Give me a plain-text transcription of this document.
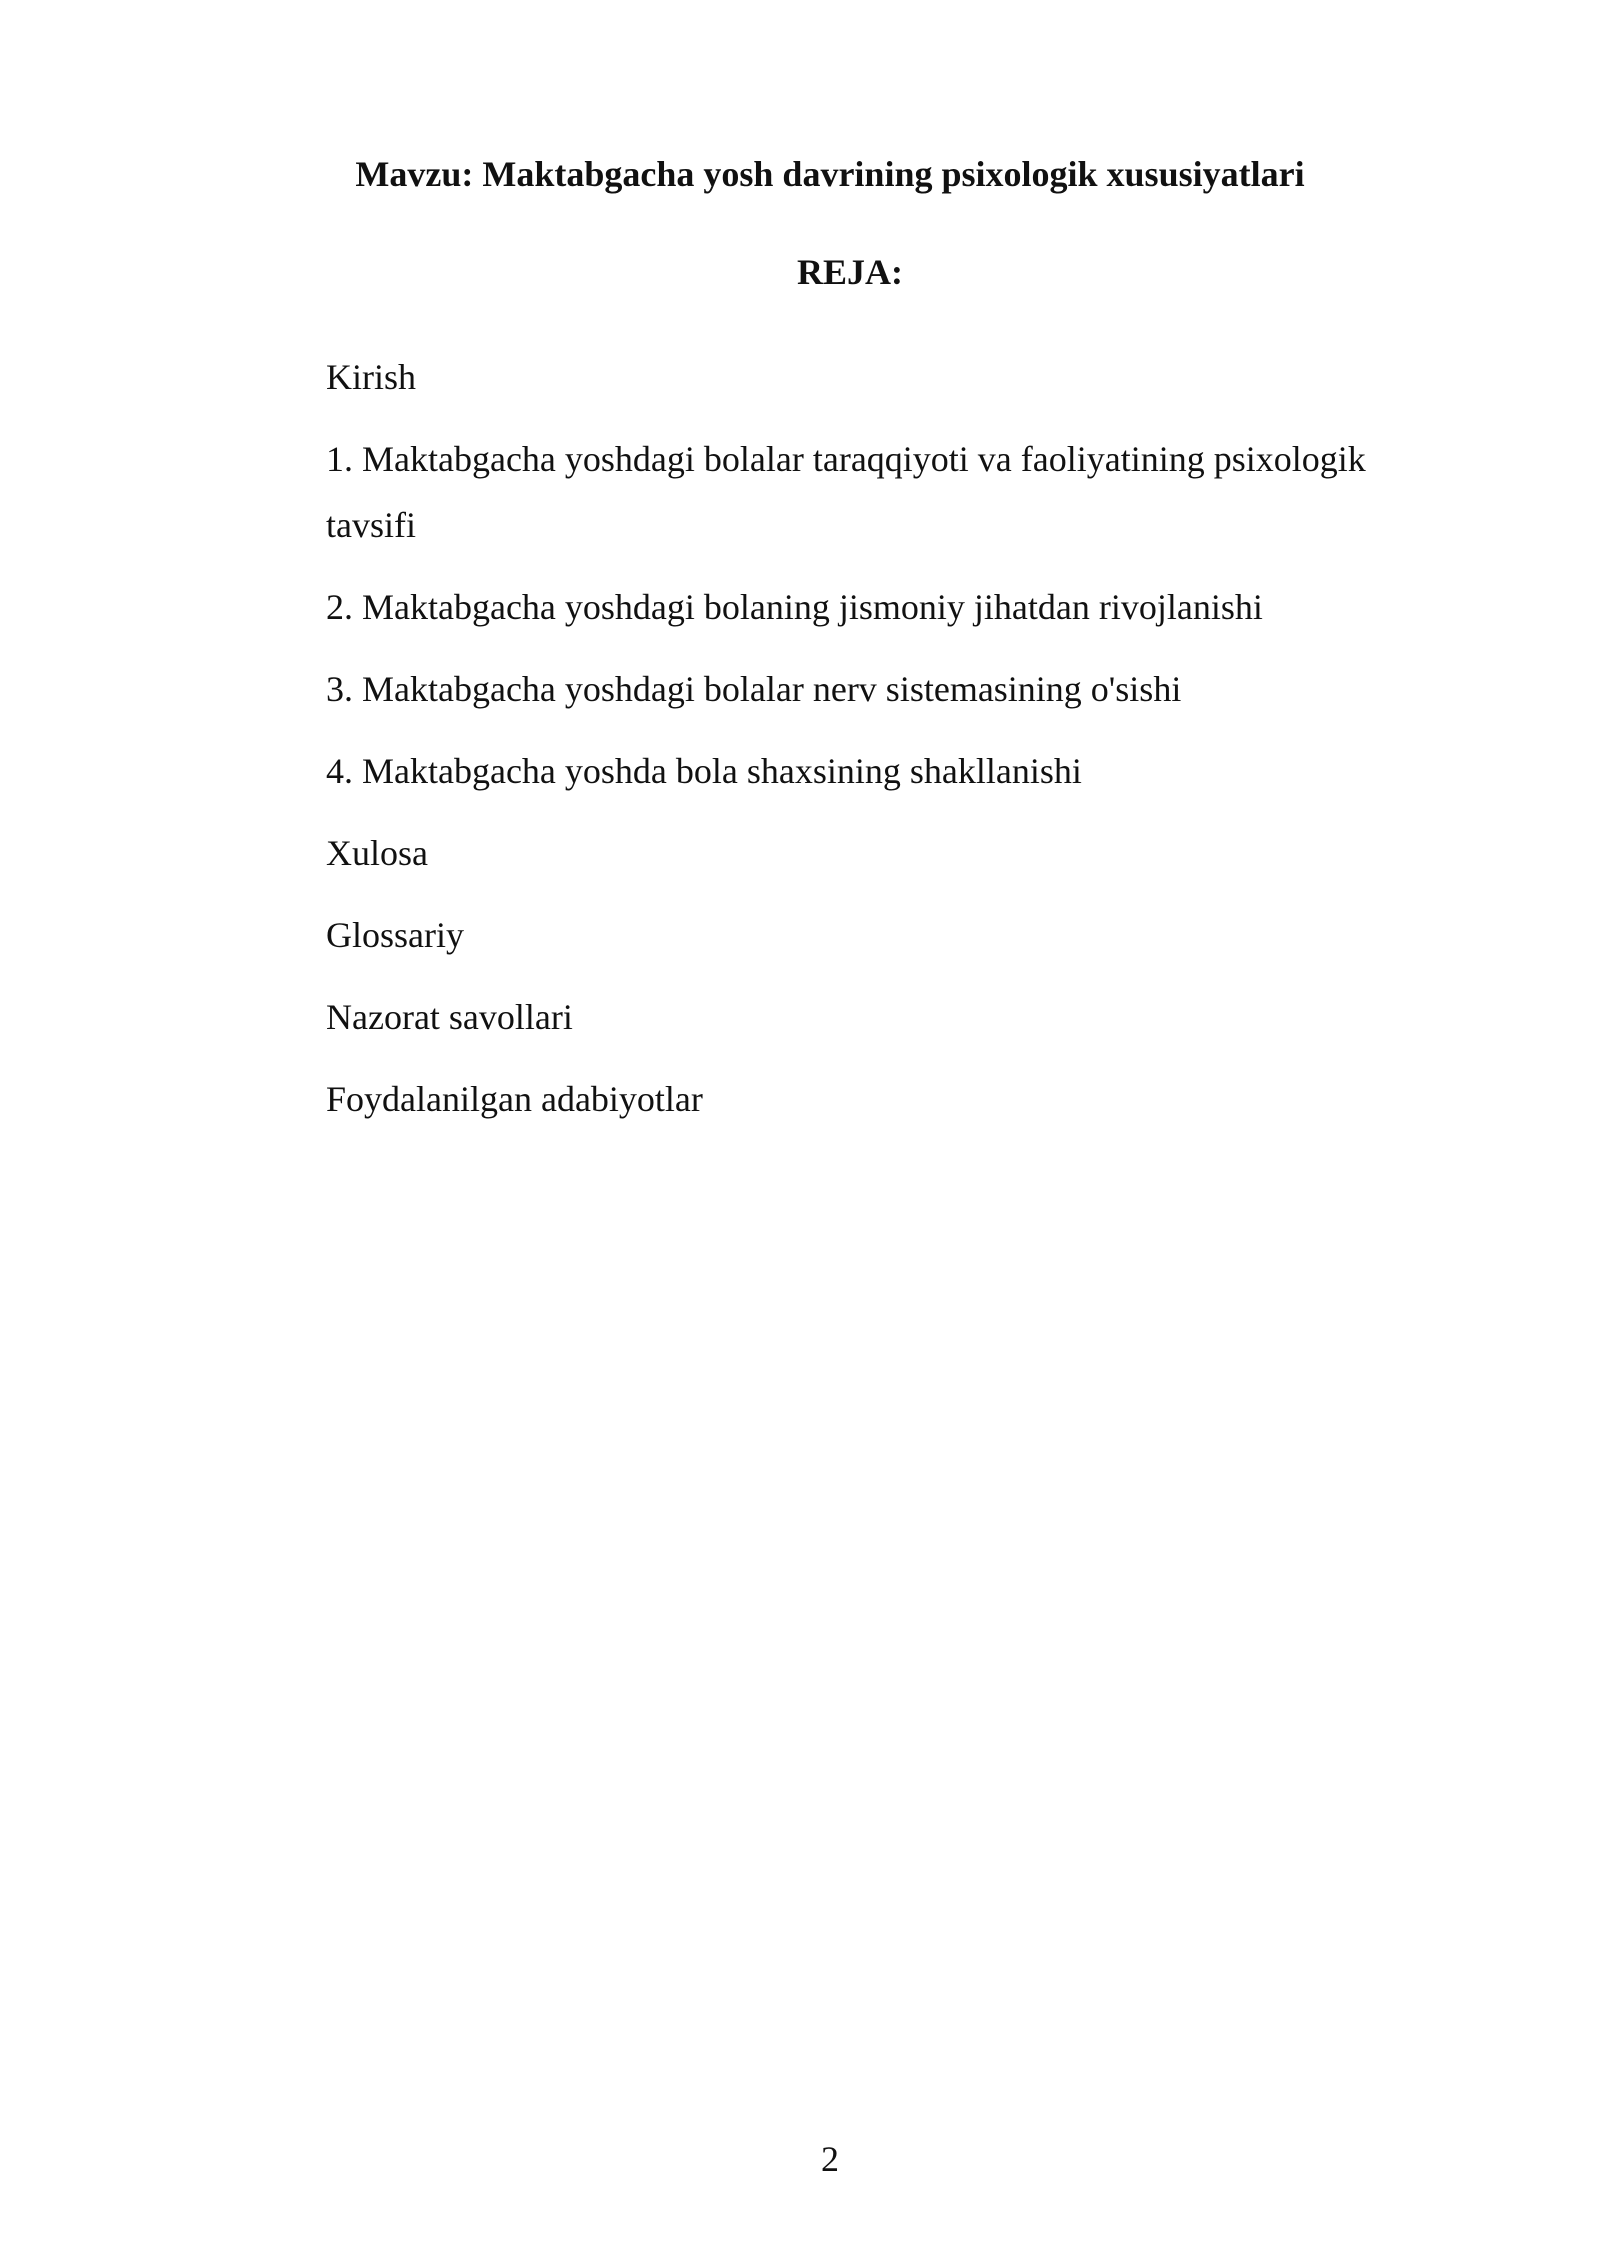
Mavzu: Maktabgacha yosh davrining psixologik xususiyatlari
REJA:
Kirish
1. Maktabgacha yoshdagi bolalar taraqqiyoti va faoliyatining psixologik tavsifi
2. Maktabgacha yoshdagi bolaning jismoniy jihatdan rivojlanishi
3. Maktabgacha yoshdagi bolalar nerv sistemasining o'sishi
4. Maktabgacha yoshda bola shaxsining shakllanishi
Xulosa
Glossariy
Nazorat savollari
Foydalanilgan adabiyotlar
2
